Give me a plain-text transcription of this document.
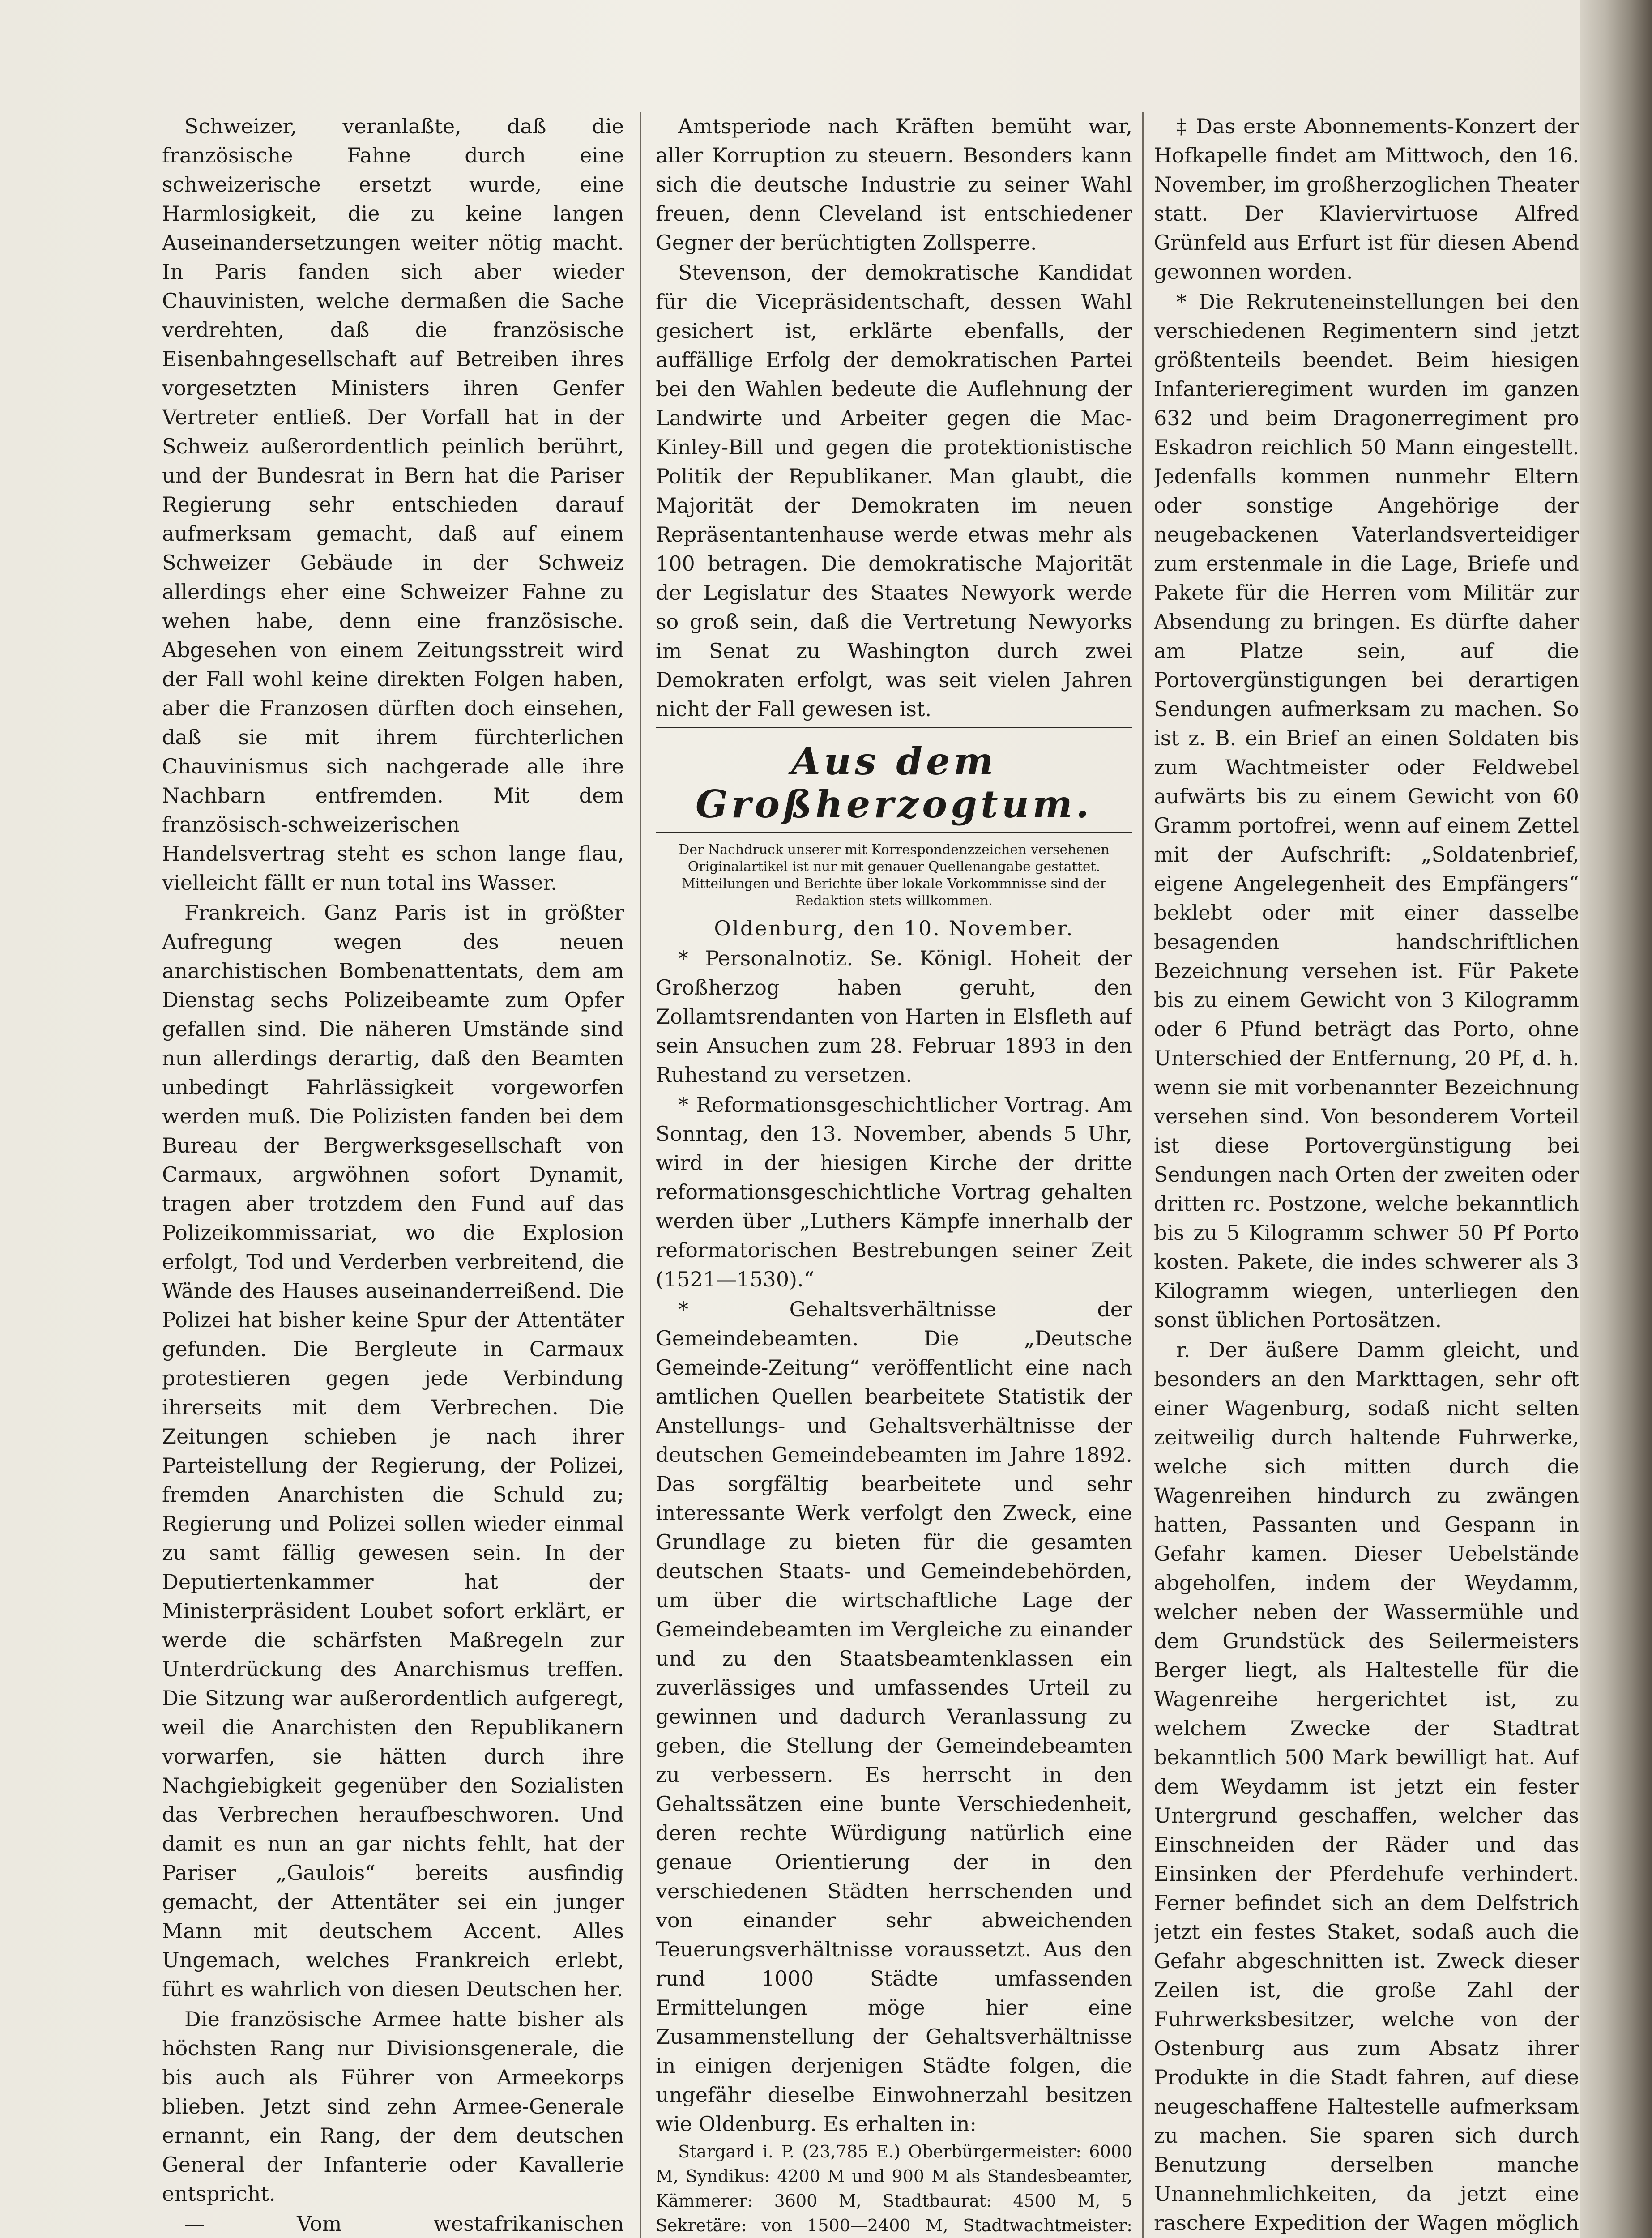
Schweizer, veranlaßte, daß die französische Fahne durch eine schweizerische ersetzt wurde, eine Harmlosigkeit, die zu keine langen Auseinandersetzungen weiter nötig macht. In Paris fanden sich aber wieder Chauvinisten, welche dermaßen die Sache verdrehten, daß die französische Eisenbahngesellschaft auf Betreiben ihres vorgesetzten Ministers ihren Genfer Vertreter entließ. Der Vorfall hat in der Schweiz außerordentlich peinlich berührt, und der Bundesrat in Bern hat die Pariser Regierung sehr entschieden darauf aufmerksam gemacht, daß auf einem Schweizer Gebäude in der Schweiz allerdings eher eine Schweizer Fahne zu wehen habe, denn eine französische. Abgesehen von einem Zeitungsstreit wird der Fall wohl keine direkten Folgen haben, aber die Franzosen dürften doch einsehen, daß sie mit ihrem fürchterlichen Chauvinismus sich nachgerade alle ihre Nachbarn entfremden. Mit dem französisch-schweizerischen Handelsvertrag steht es schon lange flau, vielleicht fällt er nun total ins Wasser.

Frankreich. Ganz Paris ist in größter Aufregung wegen des neuen anarchistischen Bombenattentats, dem am Dienstag sechs Polizeibeamte zum Opfer gefallen sind. Die näheren Umstände sind nun allerdings derartig, daß den Beamten unbedingt Fahrlässigkeit vorgeworfen werden muß. Die Polizisten fanden bei dem Bureau der Bergwerksgesellschaft von Carmaux, argwöhnen sofort Dynamit, tragen aber trotzdem den Fund auf das Polizeikommissariat, wo die Explosion erfolgt, Tod und Verderben verbreitend, die Wände des Hauses auseinanderreißend. Die Polizei hat bisher keine Spur der Attentäter gefunden. Die Bergleute in Carmaux protestieren gegen jede Verbindung ihrerseits mit dem Verbrechen. Die Zeitungen schieben je nach ihrer Parteistellung der Regierung, der Polizei, fremden Anarchisten die Schuld zu; Regierung und Polizei sollen wieder einmal zu samt fällig gewesen sein. In der Deputiertenkammer hat der Ministerpräsident Loubet sofort erklärt, er werde die schärfsten Maßregeln zur Unterdrückung des Anarchismus treffen. Die Sitzung war außerordentlich aufgeregt, weil die Anarchisten den Republikanern vorwarfen, sie hätten durch ihre Nachgiebigkeit gegenüber den Sozialisten das Verbrechen heraufbeschworen. Und damit es nun an gar nichts fehlt, hat der Pariser „Gaulois“ bereits ausfindig gemacht, der Attentäter sei ein junger Mann mit deutschem Accent. Alles Ungemach, welches Frankreich erlebt, führt es wahrlich von diesen Deutschen her.

Die französische Armee hatte bisher als höchsten Rang nur Divisionsgenerale, die bis auch als Führer von Armeekorps blieben. Jetzt sind zehn Armee-Generale ernannt, ein Rang, der dem deutschen General der Infanterie oder Kavallerie entspricht.

— Vom westafrikanischen

Amtsperiode nach Kräften bemüht war, aller Korruption zu steuern. Besonders kann sich die deutsche Industrie zu seiner Wahl freuen, denn Cleveland ist entschiedener Gegner der berüchtigten Zollsperre.

Stevenson, der demokratische Kandidat für die Vicepräsidentschaft, dessen Wahl gesichert ist, erklärte ebenfalls, der auffällige Erfolg der demokratischen Partei bei den Wahlen bedeute die Auflehnung der Landwirte und Arbeiter gegen die Mac-Kinley-Bill und gegen die protektionistische Politik der Republikaner. Man glaubt, die Majorität der Demokraten im neuen Repräsentantenhause werde etwas mehr als 100 betragen. Die demokratische Majorität der Legislatur des Staates Newyork werde so groß sein, daß die Vertretung Newyorks im Senat zu Washington durch zwei Demokraten erfolgt, was seit vielen Jahren nicht der Fall gewesen ist.

Aus dem Großherzogtum.
Der Nachdruck unserer mit Korrespondenzzeichen versehenen Originalartikel ist nur mit genauer Quellenangabe gestattet. Mitteilungen und Berichte über lokale Vorkommnisse sind der Redaktion stets willkommen.

Oldenburg, den 10. November.

* Personalnotiz. Se. Königl. Hoheit der Großherzog haben geruht, den Zollamtsrendanten von Harten in Elsfleth auf sein Ansuchen zum 28. Februar 1893 in den Ruhestand zu versetzen.

* Reformationsgeschichtlicher Vortrag. Am Sonntag, den 13. November, abends 5 Uhr, wird in der hiesigen Kirche der dritte reformationsgeschichtliche Vortrag gehalten werden über „Luthers Kämpfe innerhalb der reformatorischen Bestrebungen seiner Zeit (1521—1530).“

* Gehaltsverhältnisse der Gemeindebeamten. Die „Deutsche Gemeinde-Zeitung“ veröffentlicht eine nach amtlichen Quellen bearbeitete Statistik der Anstellungs- und Gehaltsverhältnisse der deutschen Gemeindebeamten im Jahre 1892. Das sorgfältig bearbeitete und sehr interessante Werk verfolgt den Zweck, eine Grundlage zu bieten für die gesamten deutschen Staats- und Gemeindebehörden, um über die wirtschaftliche Lage der Gemeindebeamten im Vergleiche zu einander und zu den Staatsbeamtenklassen ein zuverlässiges und umfassendes Urteil zu gewinnen und dadurch Veranlassung zu geben, die Stellung der Gemeindebeamten zu verbessern. Es herrscht in den Gehaltssätzen eine bunte Verschiedenheit, deren rechte Würdigung natürlich eine genaue Orientierung der in den verschiedenen Städten herrschenden und von einander sehr abweichenden Teuerungsverhältnisse voraussetzt. Aus den rund 1000 Städte umfassenden Ermittelungen möge hier eine Zusammenstellung der Gehaltsverhältnisse in einigen derjenigen Städte folgen, die ungefähr dieselbe Einwohnerzahl besitzen wie Oldenburg. Es erhalten in:

Stargard i. P. (23,785 E.) Oberbürgermeister: 6000 M, Syndikus: 4200 M und 900 M als Standesbeamter, Kämmerer: 3600 M, Stadtbaurat: 4500 M, 5 Sekretäre: von 1500—2400 M, Stadtwachtmeister:

‡ Das erste Abonnements-Konzert der Hofkapelle findet am Mittwoch, den 16. November, im großherzoglichen Theater statt. Der Klaviervirtuose Alfred Grünfeld aus Erfurt ist für diesen Abend gewonnen worden.

* Die Rekruteneinstellungen bei den verschiedenen Regimentern sind jetzt größtenteils beendet. Beim hiesigen Infanterieregiment wurden im ganzen 632 und beim Dragonerregiment pro Eskadron reichlich 50 Mann eingestellt. Jedenfalls kommen nunmehr Eltern oder sonstige Angehörige der neugebackenen Vaterlandsverteidiger zum erstenmale in die Lage, Briefe und Pakete für die Herren vom Militär zur Absendung zu bringen. Es dürfte daher am Platze sein, auf die Portovergünstigungen bei derartigen Sendungen aufmerksam zu machen. So ist z. B. ein Brief an einen Soldaten bis zum Wachtmeister oder Feldwebel aufwärts bis zu einem Gewicht von 60 Gramm portofrei, wenn auf einem Zettel mit der Aufschrift: „Soldatenbrief, eigene Angelegenheit des Empfängers“ beklebt oder mit einer dasselbe besagenden handschriftlichen Bezeichnung versehen ist. Für Pakete bis zu einem Gewicht von 3 Kilogramm oder 6 Pfund beträgt das Porto, ohne Unterschied der Entfernung, 20 Pf, d. h. wenn sie mit vorbenannter Bezeichnung versehen sind. Von besonderem Vorteil ist diese Portovergünstigung bei Sendungen nach Orten der zweiten oder dritten rc. Postzone, welche bekanntlich bis zu 5 Kilogramm schwer 50 Pf Porto kosten. Pakete, die indes schwerer als 3 Kilogramm wiegen, unterliegen den sonst üblichen Portosätzen.

r. Der äußere Damm gleicht, und besonders an den Markttagen, sehr oft einer Wagenburg, sodaß nicht selten zeitweilig durch haltende Fuhrwerke, welche sich mitten durch die Wagenreihen hindurch zu zwängen hatten, Passanten und Gespann in Gefahr kamen. Dieser Uebelstände abgeholfen, indem der Weydamm, welcher neben der Wassermühle und dem Grundstück des Seilermeisters Berger liegt, als Haltestelle für die Wagenreihe hergerichtet ist, zu welchem Zwecke der Stadtrat bekanntlich 500 Mark bewilligt hat. Auf dem Weydamm ist jetzt ein fester Untergrund geschaffen, welcher das Einschneiden der Räder und das Einsinken der Pferdehufe verhindert. Ferner befindet sich an dem Delfstrich jetzt ein festes Staket, sodaß auch die Gefahr abgeschnitten ist. Zweck dieser Zeilen ist, die große Zahl der Fuhrwerksbesitzer, welche von der Ostenburg aus zum Absatz ihrer Produkte in die Stadt fahren, auf diese neugeschaffene Haltestelle aufmerksam zu machen. Sie sparen sich durch Benutzung derselben manche Unannehmlichkeiten, da jetzt eine raschere Expedition der Wagen möglich
